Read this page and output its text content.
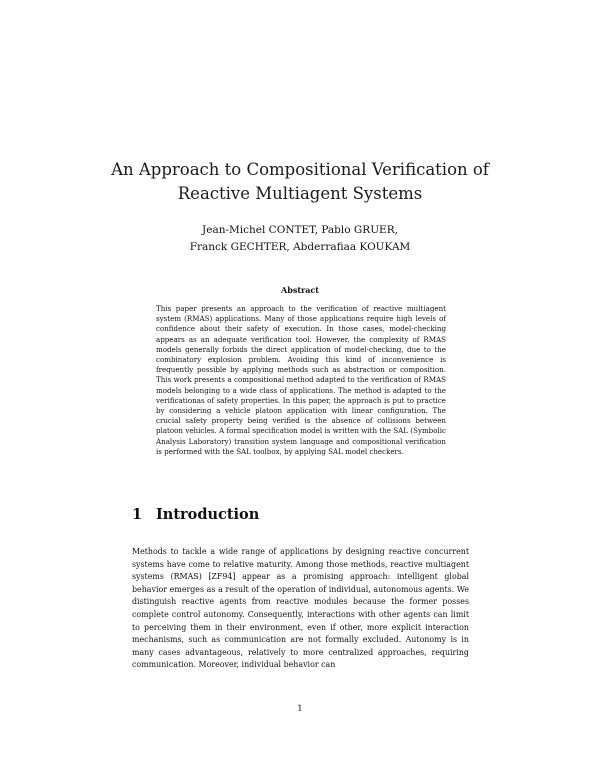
An Approach to Compositional Verification of
Reactive Multiagent Systems
Jean-Michel CONTET, Pablo GRUER,
Franck GECHTER, Abderrafiaa KOUKAM
Abstract
This paper presents an approach to the verification of reactive multiagent system (RMAS) applications. Many of those applications require high levels of confidence about their safety of execution. In those cases, model-checking appears as an adequate verification tool. However, the complexity of RMAS models generally forbids the direct application of model-checking, due to the combinatory explosion problem. Avoiding this kind of inconvenience is frequently possible by applying methods such as abstraction or composition. This work presents a compositional method adapted to the verification of RMAS models belonging to a wide class of applications. The method is adapted to the verificationas of safety properties. In this paper, the approach is put to practice by considering a vehicle platoon application with linear configuration. The crucial safety property being verified is the absence of collisions between platoon vehicles. A formal specification model is written with the SAL (Symbolic Analysis Laboratory) transition system language and compositional verification is performed with the SAL toolbox, by applying SAL model checkers.
1 Introduction
Methods to tackle a wide range of applications by designing reactive concurrent systems have come to relative maturity. Among those methods, reactive multiagent systems (RMAS) [ZF94] appear as a promising approach: intelligent global behavior emerges as a result of the operation of individual, autonomous agents. We distinguish reactive agents from reactive modules because the former posses complete control autonomy. Consequently, interactions with other agents can limit to perceiving them in their environment, even if other, more explicit interaction mechanisms, such as communication are not formally excluded. Autonomy is in many cases advantageous, relatively to more centralized approaches, requiring communication. Moreover, individual behavior can
1
